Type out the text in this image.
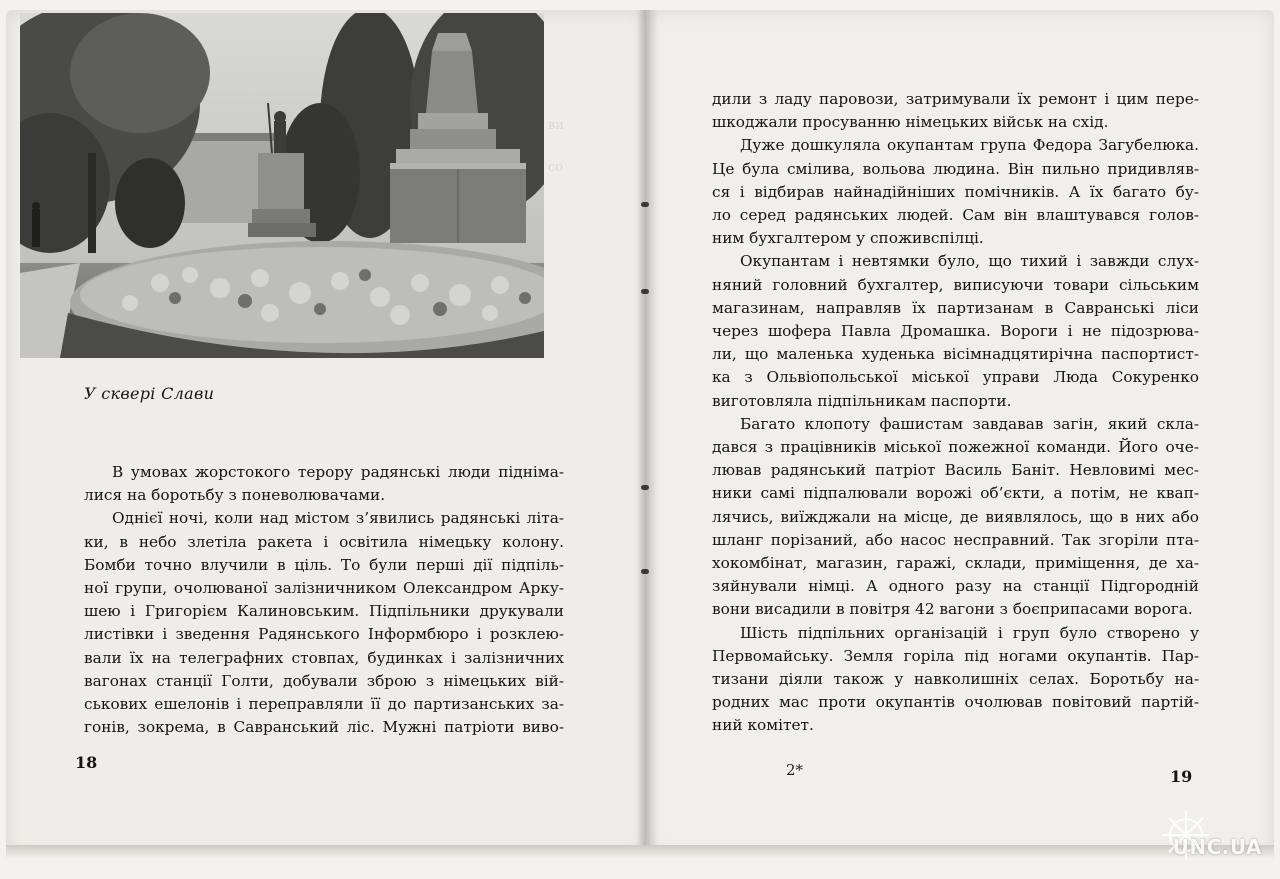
ви
со
У сквері Слави
В умовах жорстокого терору радянські люди підніма-
лися на боротьбу з поневолювачами.
Однієї ночі, коли над містом з’явились радянські літа-
ки, в небо злетіла ракета і освітила німецьку колону.
Бомби точно влучили в ціль. То були перші дії підпіль-
ної групи, очолюваної залізничником Олександром Арку-
шею і Григорієм Калиновським. Підпільники друкували
листівки і зведення Радянського Інформбюро і розклею-
вали їх на телеграфних стовпах, будинках і залізничних
вагонах станції Голти, добували зброю з німецьких вій-
ськових ешелонів і переправляли її до партизанських за-
гонів, зокрема, в Савранський ліс. Мужні патріоти виво-
дили з ладу паровози, затримували їх ремонт і цим пере-
шкоджали просуванню німецьких військ на схід.
Дуже дошкуляла окупантам група Федора Загубелюка.
Це була смілива, вольова людина. Він пильно придивляв-
ся і відбирав найнадійніших помічників. А їх багато бу-
ло серед радянських людей. Сам він влаштувався голов-
ним бухгалтером у споживспілці.
Окупантам і невтямки було, що тихий і завжди слух-
няний головний бухгалтер, виписуючи товари сільським
магазинам, направляв їх партизанам в Савранські ліси
через шофера Павла Дромашка. Вороги і не підозрюва-
ли, що маленька худенька вісімнадцятирічна паспортист-
ка з Ольвіопольської міської управи Люда Сокуренко
виготовляла підпільникам паспорти.
Багато клопоту фашистам завдавав загін, який скла-
дався з працівників міської пожежної команди. Його оче-
лював радянський патріот Василь Баніт. Невловимі мес-
ники самі підпалювали ворожі об’єкти, а потім, не квап-
лячись, виїжджали на місце, де виявлялось, що в них або
шланг порізаний, або насос несправний. Так згоріли пта-
хокомбінат, магазин, гаражі, склади, приміщення, де ха-
зяйнували німці. А одного разу на станції Підгородній
вони висадили в повітря 42 вагони з боєприпасами ворога.
Шість підпільних організацій і груп було створено у
Первомайську. Земля горіла під ногами окупантів. Пар-
тизани діяли також у навколишніх селах. Боротьбу на-
родних мас проти окупантів очолював повітовий партій-
ний комітет.
18	2*	19
UNC.UA
